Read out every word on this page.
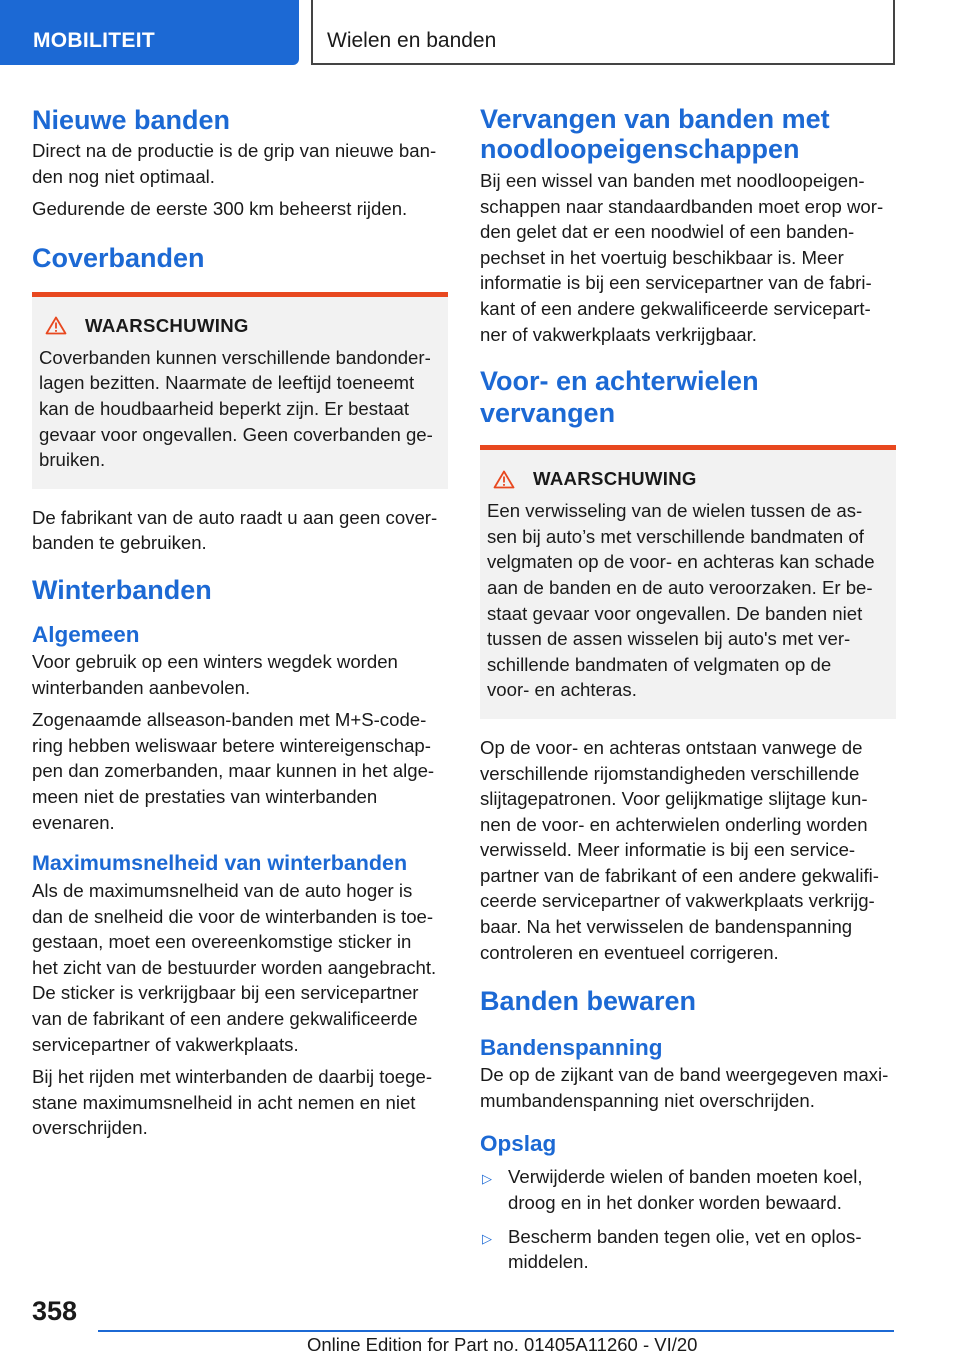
MOBILITEIT	Wielen en banden
Nieuwe banden

Direct na de productie is de grip van nieuwe ban‐
den nog niet optimaal.

Gedurende de eerste 300 km beheerst rijden.

Coverbanden
WAARSCHUWING

Coverbanden kunnen verschillende bandonder‐
lagen bezitten. Naarmate de leeftijd toeneemt
kan de houdbaarheid beperkt zijn. Er bestaat
gevaar voor ongevallen. Geen coverbanden ge‐
bruiken.

De fabrikant van de auto raadt u aan geen cover‐
banden te gebruiken.

Winterbanden
Algemeen

Voor gebruik op een winters wegdek worden
winterbanden aanbevolen.

Zogenaamde allseason-banden met M+S-code‐
ring hebben weliswaar betere wintereigenschap‐
pen dan zomerbanden, maar kunnen in het alge‐
meen niet de prestaties van winterbanden
evenaren.

Maximumsnelheid van winterbanden

Als de maximumsnelheid van de auto hoger is
dan de snelheid die voor de winterbanden is toe‐
gestaan, moet een overeenkomstige sticker in
het zicht van de bestuurder worden aangebracht.
De sticker is verkrijgbaar bij een servicepartner
van de fabrikant of een andere gekwalificeerde
servicepartner of vakwerkplaats.

Bij het rijden met winterbanden de daarbij toege‐
stane maximumsnelheid in acht nemen en niet
overschrijden.

Vervangen van banden met
noodloopeigenschappen

Bij een wissel van banden met noodloopeigen‐
schappen naar standaardbanden moet erop wor‐
den gelet dat er een noodwiel of een banden‐
pechset in het voertuig beschikbaar is. Meer
informatie is bij een servicepartner van de fabri‐
kant of een andere gekwalificeerde servicepart‐
ner of vakwerkplaats verkrijgbaar.

Voor- en achterwielen vervangen
WAARSCHUWING

Een verwisseling van de wielen tussen de as‐
sen bij auto’s met verschillende bandmaten of
velgmaten op de voor- en achteras kan schade
aan de banden en de auto veroorzaken. Er be‐
staat gevaar voor ongevallen. De banden niet
tussen de assen wisselen bij auto's met ver‐
schillende bandmaten of velgmaten op de
voor- en achteras.

Op de voor- en achteras ontstaan vanwege de
verschillende rijomstandigheden verschillende
slijtagepatronen. Voor gelijkmatige slijtage kun‐
nen de voor- en achterwielen onderling worden
verwisseld. Meer informatie is bij een service‐
partner van de fabrikant of een andere gekwalifi‐
ceerde servicepartner of vakwerkplaats verkrijg‐
baar. Na het verwisselen de bandenspanning
controleren en eventueel corrigeren.

Banden bewaren
Bandenspanning

De op de zijkant van de band weergegeven maxi‐
mumbandenspanning niet overschrijden.

Opslag
▷ Verwijderde wielen of banden moeten koel,
droog en in het donker worden bewaard.
▷ Bescherm banden tegen olie, vet en oplos‐
middelen.
358
Online Edition for Part no. 01405A11260 - VI/20
